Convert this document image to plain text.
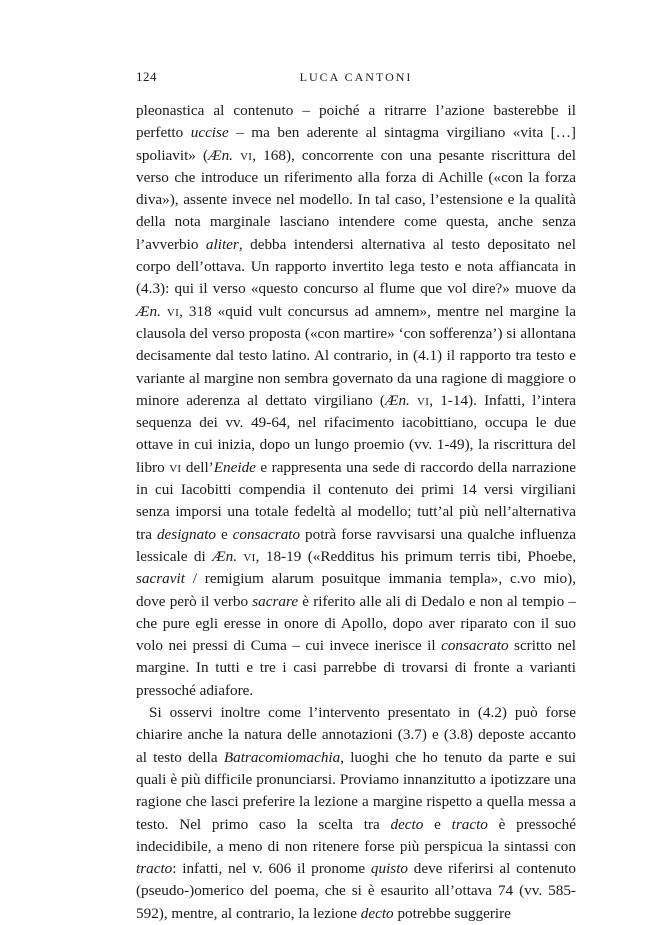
124	LUCA CANTONI

pleonastica al contenuto – poiché a ritrarre l’azione basterebbe il perfetto uccise – ma ben aderente al sintagma virgiliano «vita […] spoliavit» (Æn. vi, 168), concorrente con una pesante riscrittura del verso che introduce un riferimento alla forza di Achille («con la forza diva»), assente invece nel modello. In tal caso, l’estensione e la qualità della nota marginale lasciano intendere come questa, anche senza l’avverbio aliter, debba intendersi alternativa al testo depositato nel corpo dell’ottava. Un rapporto invertito lega testo e nota affiancata in (4.3): qui il verso «questo concurso al flume que vol dire?» muove da Æn. vi, 318 «quid vult concursus ad amnem», mentre nel margine la clausola del verso proposta («con martire» ‘con sofferenza’) si allontana decisamente dal testo latino. Al contrario, in (4.1) il rapporto tra testo e variante al margine non sembra governato da una ragione di maggiore o minore aderenza al dettato virgiliano (Æn. vi, 1-14). Infatti, l’intera sequenza dei vv. 49-64, nel rifacimento iacobittiano, occupa le due ottave in cui inizia, dopo un lungo proemio (vv. 1-49), la riscrittura del libro vi dell’Eneide e rappresenta una sede di raccordo della narrazione in cui Iacobitti compendia il contenuto dei primi 14 versi virgiliani senza imporsi una totale fedeltà al modello; tutt’al più nell’alternativa tra designato e consacrato potrà forse ravvisarsi una qualche influenza lessicale di Æn. vi, 18-19 («Redditus his primum terris tibi, Phoebe, sacravit / remigium alarum posuitque immania templa», c.vo mio), dove però il verbo sacrare è riferito alle ali di Dedalo e non al tempio – che pure egli eresse in onore di Apollo, dopo aver riparato con il suo volo nei pressi di Cuma – cui invece inerisce il consacrato scritto nel margine. In tutti e tre i casi parrebbe di trovarsi di fronte a varianti pressoché adiafore.

Si osservi inoltre come l’intervento presentato in (4.2) può forse chiarire anche la natura delle annotazioni (3.7) e (3.8) deposte accanto al testo della Batracomiomachia, luoghi che ho tenuto da parte e sui quali è più difficile pronunciarsi. Proviamo innanzitutto a ipotizzare una ragione che lasci preferire la lezione a margine rispetto a quella messa a testo. Nel primo caso la scelta tra decto e tracto è pressoché indecidibile, a meno di non ritenere forse più perspicua la sintassi con tracto: infatti, nel v. 606 il pronome quisto deve riferirsi al contenuto (pseudo-)omerico del poema, che si è esaurito all’ottava 74 (vv. 585-592), mentre, al contrario, la lezione decto potrebbe suggerire
